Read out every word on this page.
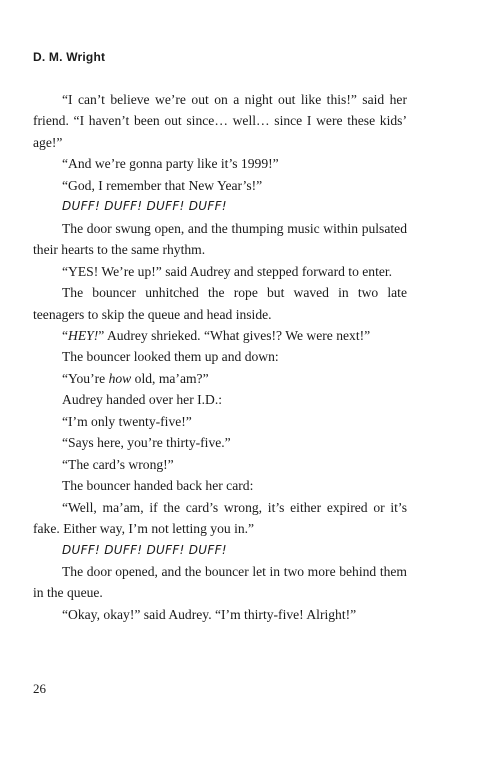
D. M. Wright

“I can’t believe we’re out on a night out like this!” said her friend. “I haven’t been out since… well… since I were these kids’ age!”

“And we’re gonna party like it’s 1999!”

“God, I remember that New Year’s!”

DUFF! DUFF! DUFF! DUFF!

The door swung open, and the thumping music within pulsated their hearts to the same rhythm.

“YES! We’re up!” said Audrey and stepped forward to enter.

The bouncer unhitched the rope but waved in two late teenagers to skip the queue and head inside.

“HEY!” Audrey shrieked. “What gives!? We were next!”

The bouncer looked them up and down:

“You’re how old, ma’am?”

Audrey handed over her I.D.:

“I’m only twenty-five!”

“Says here, you’re thirty-five.”

“The card’s wrong!”

The bouncer handed back her card:

“Well, ma’am, if the card’s wrong, it’s either expired or it’s fake. Either way, I’m not letting you in.”

DUFF! DUFF! DUFF! DUFF!

The door opened, and the bouncer let in two more behind them in the queue.

“Okay, okay!” said Audrey. “I’m thirty-five! Alright!”

26
